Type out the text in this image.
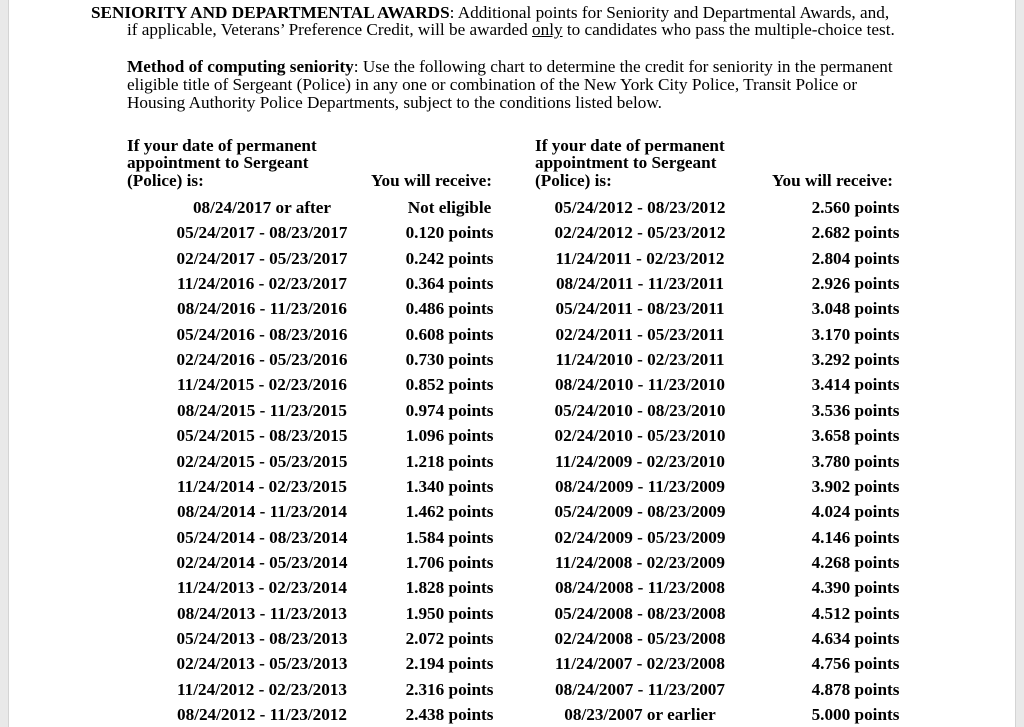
SENIORITY AND DEPARTMENTAL AWARDS: Additional points for Seniority and Departmental Awards, and,
if applicable, Veterans’ Preference Credit, will be awarded only to candidates who pass the multiple-choice test.
Method of computing seniority: Use the following chart to determine the credit for seniority in the permanent
eligible title of Sergeant (Police) in any one or combination of the New York City Police, Transit Police or
Housing Authority Police Departments, subject to the conditions listed below.
If your date of permanent
appointment to Sergeant
(Police) is:	You will receive:
If your date of permanent
appointment to Sergeant
(Police) is:	You will receive:
08/24/2017 or after	Not eligible
05/24/2017 - 08/23/2017	0.120 points
02/24/2017 - 05/23/2017	0.242 points
11/24/2016 - 02/23/2017	0.364 points
08/24/2016 - 11/23/2016	0.486 points
05/24/2016 - 08/23/2016	0.608 points
02/24/2016 - 05/23/2016	0.730 points
11/24/2015 - 02/23/2016	0.852 points
08/24/2015 - 11/23/2015	0.974 points
05/24/2015 - 08/23/2015	1.096 points
02/24/2015 - 05/23/2015	1.218 points
11/24/2014 - 02/23/2015	1.340 points
08/24/2014 - 11/23/2014	1.462 points
05/24/2014 - 08/23/2014	1.584 points
02/24/2014 - 05/23/2014	1.706 points
11/24/2013 - 02/23/2014	1.828 points
08/24/2013 - 11/23/2013	1.950 points
05/24/2013 - 08/23/2013	2.072 points
02/24/2013 - 05/23/2013	2.194 points
11/24/2012 - 02/23/2013	2.316 points
08/24/2012 - 11/23/2012	2.438 points
05/24/2012 - 08/23/2012	2.560 points
02/24/2012 - 05/23/2012	2.682 points
11/24/2011 - 02/23/2012	2.804 points
08/24/2011 - 11/23/2011	2.926 points
05/24/2011 - 08/23/2011	3.048 points
02/24/2011 - 05/23/2011	3.170 points
11/24/2010 - 02/23/2011	3.292 points
08/24/2010 - 11/23/2010	3.414 points
05/24/2010 - 08/23/2010	3.536 points
02/24/2010 - 05/23/2010	3.658 points
11/24/2009 - 02/23/2010	3.780 points
08/24/2009 - 11/23/2009	3.902 points
05/24/2009 - 08/23/2009	4.024 points
02/24/2009 - 05/23/2009	4.146 points
11/24/2008 - 02/23/2009	4.268 points
08/24/2008 - 11/23/2008	4.390 points
05/24/2008 - 08/23/2008	4.512 points
02/24/2008 - 05/23/2008	4.634 points
11/24/2007 - 02/23/2008	4.756 points
08/24/2007 - 11/23/2007	4.878 points
08/23/2007 or earlier	5.000 points
